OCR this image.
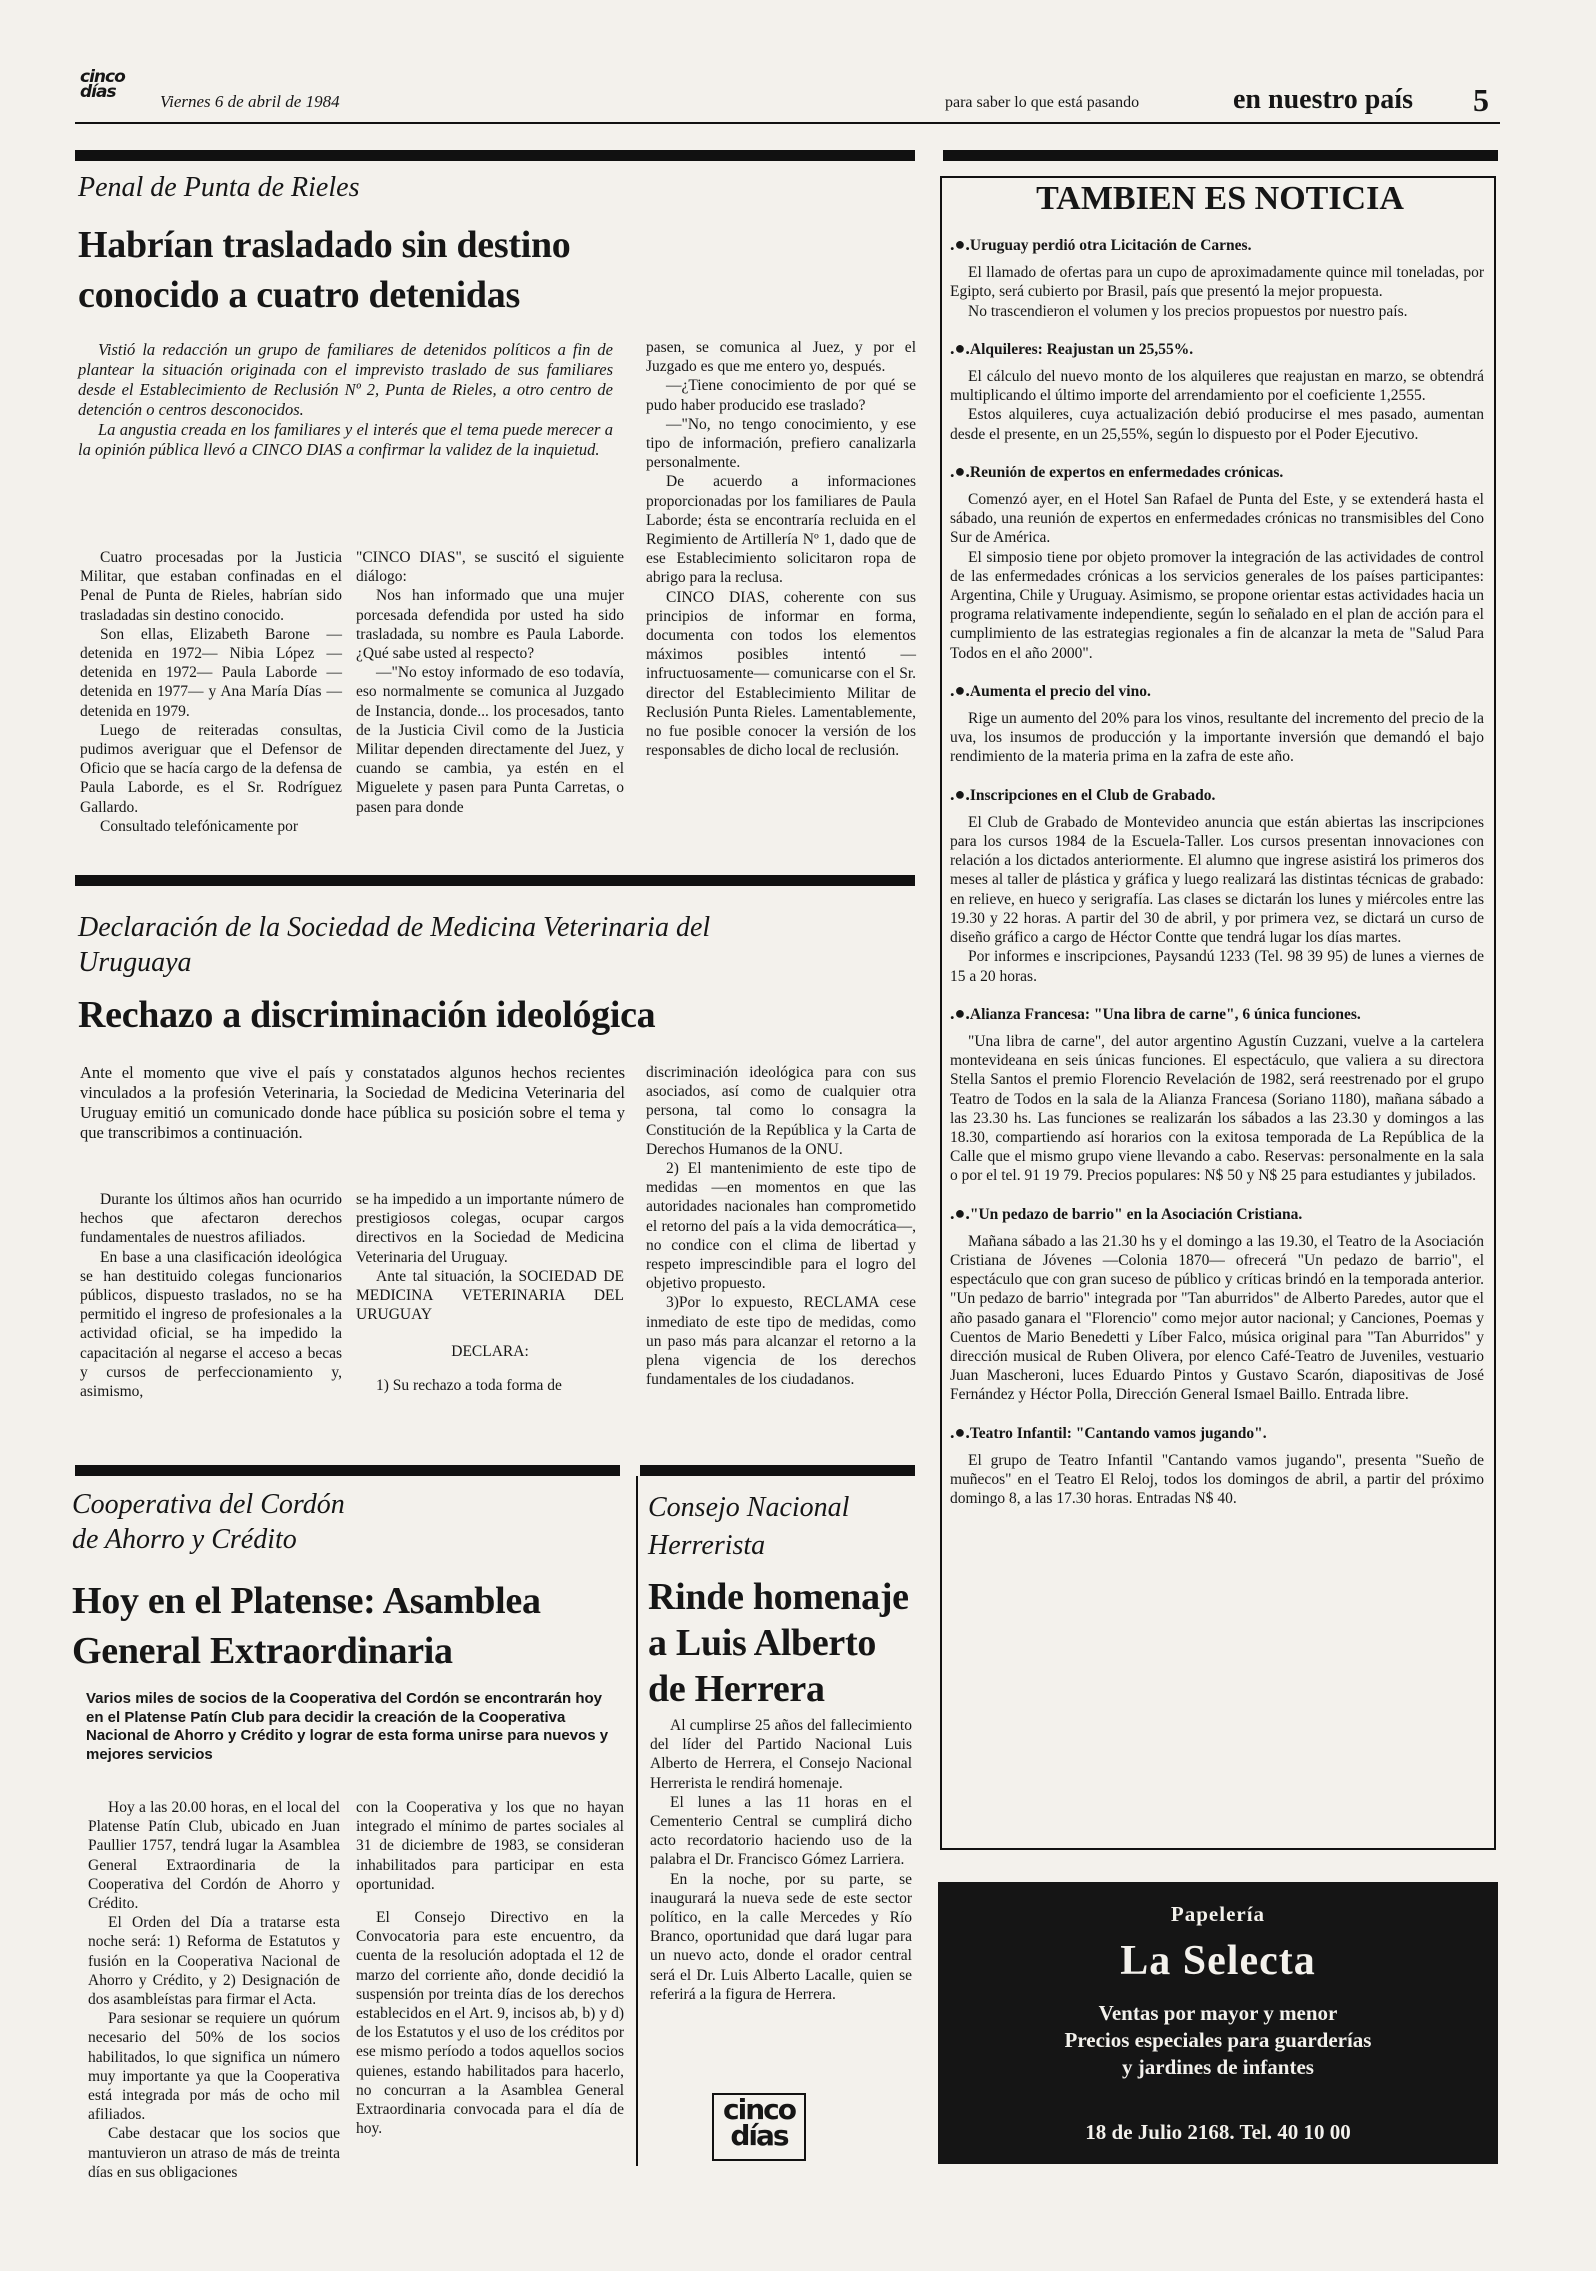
cinco días	Viernes 6 de abril de 1984	para saber lo que está pasando	en nuestro país 5
Penal de Punta de Rieles
Habrían trasladado sin destino
conocido a cuatro detenidas

Vistió la redacción un grupo de familiares de detenidos políticos a fin de plantear la situación originada con el imprevisto traslado de sus familiares desde el Establecimiento de Reclusión Nº 2, Punta de Rieles, a otro centro de detención o centros desconocidos.

La angustia creada en los familiares y el interés que el tema puede merecer a la opinión pública llevó a CINCO DIAS a confirmar la validez de la inquietud.

Cuatro procesadas por la Justicia Militar, que estaban confinadas en el Penal de Punta de Rieles, habrían sido trasladadas sin destino conocido.

Son ellas, Elizabeth Barone —detenida en 1972— Nibia López —detenida en 1972— Paula Laborde —detenida en 1977— y Ana María Días —detenida en 1979.

Luego de reiteradas consultas, pudimos averiguar que el Defensor de Oficio que se hacía cargo de la defensa de Paula Laborde, es el Sr. Rodríguez Gallardo.

Consultado telefónicamente por

"CINCO DIAS", se suscitó el siguiente diálogo:

Nos han informado que una mujer porcesada defendida por usted ha sido trasladada, su nombre es Paula Laborde. ¿Qué sabe usted al respecto?

—"No estoy informado de eso todavía, eso normalmente se comunica al Juzgado de Instancia, donde... los procesados, tanto de la Justicia Civil como de la Justicia Militar dependen directamente del Juez, y cuando se cambia, ya estén en el Miguelete y pasen para Punta Carretas, o pasen para donde

pasen, se comunica al Juez, y por el Juzgado es que me entero yo, después.

—¿Tiene conocimiento de por qué se pudo haber producido ese traslado?

—"No, no tengo conocimiento, y ese tipo de información, prefiero canalizarla personalmente.

De acuerdo a informaciones proporcionadas por los familiares de Paula Laborde; ésta se encontraría recluida en el Regimiento de Artillería Nº 1, dado que de ese Establecimiento solicitaron ropa de abrigo para la reclusa.

CINCO DIAS, coherente con sus principios de informar en forma, documenta con todos los elementos máximos posibles intentó —infructuosamente— comunicarse con el Sr. director del Establecimiento Militar de Reclusión Punta Rieles. Lamentablemente, no fue posible conocer la versión de los responsables de dicho local de reclusión.

Declaración de la Sociedad de Medicina Veterinaria del Uruguaya
Rechazo a discriminación ideológica

Ante el momento que vive el país y constatados algunos hechos recientes vinculados a la profesión Veterinaria, la Sociedad de Medicina Veterinaria del Uruguay emitió un comunicado donde hace pública su posición sobre el tema y que transcribimos a continuación.

Durante los últimos años han ocurrido hechos que afectaron derechos fundamentales de nuestros afiliados.

En base a una clasificación ideológica se han destituido colegas funcionarios públicos, dispuesto traslados, no se ha permitido el ingreso de profesionales a la actividad oficial, se ha impedido la capacitación al negarse el acceso a becas y cursos de perfeccionamiento y, asimismo,

se ha impedido a un importante número de prestigiosos colegas, ocupar cargos directivos en la Sociedad de Medicina Veterinaria del Uruguay.

Ante tal situación, la SOCIEDAD DE MEDICINA VETERINARIA DEL URUGUAY

DECLARA:

1) Su rechazo a toda forma de

discriminación ideológica para con sus asociados, así como de cualquier otra persona, tal como lo consagra la Constitución de la República y la Carta de Derechos Humanos de la ONU.

2) El mantenimiento de este tipo de medidas —en momentos en que las autoridades nacionales han comprometido el retorno del país a la vida democrática—, no condice con el clima de libertad y respeto imprescindible para el logro del objetivo propuesto.

3)Por lo expuesto, RECLAMA cese inmediato de este tipo de medidas, como un paso más para alcanzar el retorno a la plena vigencia de los derechos fundamentales de los ciudadanos.

Cooperativa del Cordón
de Ahorro y Crédito
Hoy en el Platense: Asamblea
General Extraordinaria
Varios miles de socios de la Cooperativa del Cordón se encontrarán hoy en el Platense Patín Club para decidir la creación de la Cooperativa Nacional de Ahorro y Crédito y lograr de esta forma unirse para nuevos y mejores servicios

Hoy a las 20.00 horas, en el local del Platense Patín Club, ubicado en Juan Paullier 1757, tendrá lugar la Asamblea General Extraordinaria de la Cooperativa del Cordón de Ahorro y Crédito.

El Orden del Día a tratarse esta noche será: 1) Reforma de Estatutos y fusión en la Cooperativa Nacional de Ahorro y Crédito, y 2) Designación de dos asambleístas para firmar el Acta.

Para sesionar se requiere un quórum necesario del 50% de los socios habilitados, lo que significa un número muy importante ya que la Cooperativa está integrada por más de ocho mil afiliados.

Cabe destacar que los socios que mantuvieron un atraso de más de treinta días en sus obligaciones

con la Cooperativa y los que no hayan integrado el mínimo de partes sociales al 31 de diciembre de 1983, se consideran inhabilitados para participar en esta oportunidad.

El Consejo Directivo en la Convocatoria para este encuentro, da cuenta de la resolución adoptada el 12 de marzo del corriente año, donde decidió la suspensión por treinta días de los derechos establecidos en el Art. 9, incisos ab, b) y d) de los Estatutos y el uso de los créditos por ese mismo período a todos aquellos socios quienes, estando habilitados para hacerlo, no concurran a la Asamblea General Extraordinaria convocada para el día de hoy.

Consejo Nacional
Herrerista
Rinde homenaje
a Luis Alberto
de Herrera

Al cumplirse 25 años del fallecimiento del líder del Partido Nacional Luis Alberto de Herrera, el Consejo Nacional Herrerista le rendirá homenaje.

El lunes a las 11 horas en el Cementerio Central se cumplirá dicho acto recordatorio haciendo uso de la palabra el Dr. Francisco Gómez Larriera.

En la noche, por su parte, se inaugurará la nueva sede de este sector político, en la calle Mercedes y Río Branco, oportunidad que dará lugar para un nuevo acto, donde el orador central será el Dr. Luis Alberto Lacalle, quien se referirá a la figura de Herrera.

cinco días
TAMBIEN ES NOTICIA
.●.Uruguay perdió otra Licitación de Carnes.

El llamado de ofertas para un cupo de aproximadamente quince mil toneladas, por Egipto, será cubierto por Brasil, país que presentó la mejor propuesta.

No trascendieron el volumen y los precios propuestos por nuestro país.

.●.Alquileres: Reajustan un 25,55%.

El cálculo del nuevo monto de los alquileres que reajustan en marzo, se obtendrá multiplicando el último importe del arrendamiento por el coeficiente 1,2555.

Estos alquileres, cuya actualización debió producirse el mes pasado, aumentan desde el presente, en un 25,55%, según lo dispuesto por el Poder Ejecutivo.

.●.Reunión de expertos en enfermedades crónicas.

Comenzó ayer, en el Hotel San Rafael de Punta del Este, y se extenderá hasta el sábado, una reunión de expertos en enfermedades crónicas no transmisibles del Cono Sur de América.

El simposio tiene por objeto promover la integración de las actividades de control de las enfermedades crónicas a los servicios generales de los países participantes: Argentina, Chile y Uruguay. Asimismo, se propone orientar estas actividades hacia un programa relativamente independiente, según lo señalado en el plan de acción para el cumplimiento de las estrategias regionales a fin de alcanzar la meta de "Salud Para Todos en el año 2000".

.●.Aumenta el precio del vino.

Rige un aumento del 20% para los vinos, resultante del incremento del precio de la uva, los insumos de producción y la importante inversión que demandó el bajo rendimiento de la materia prima en la zafra de este año.

.●.Inscripciones en el Club de Grabado.

El Club de Grabado de Montevideo anuncia que están abiertas las inscripciones para los cursos 1984 de la Escuela-Taller. Los cursos presentan innovaciones con relación a los dictados anteriormente. El alumno que ingrese asistirá los primeros dos meses al taller de plástica y gráfica y luego realizará las distintas técnicas de grabado: en relieve, en hueco y serigrafía. Las clases se dictarán los lunes y miércoles entre las 19.30 y 22 horas. A partir del 30 de abril, y por primera vez, se dictará un curso de diseño gráfico a cargo de Héctor Contte que tendrá lugar los días martes.

Por informes e inscripciones, Paysandú 1233 (Tel. 98 39 95) de lunes a viernes de 15 a 20 horas.

.●.Alianza Francesa: "Una libra de carne", 6 única funciones.

"Una libra de carne", del autor argentino Agustín Cuzzani, vuelve a la cartelera montevideana en seis únicas funciones. El espectáculo, que valiera a su directora Stella Santos el premio Florencio Revelación de 1982, será reestrenado por el grupo Teatro de Todos en la sala de la Alianza Francesa (Soriano 1180), mañana sábado a las 23.30 hs. Las funciones se realizarán los sábados a las 23.30 y domingos a las 18.30, compartiendo así horarios con la exitosa temporada de La República de la Calle que el mismo grupo viene llevando a cabo. Reservas: personalmente en la sala o por el tel. 91 19 79. Precios populares: N$ 50 y N$ 25 para estudiantes y jubilados.

.●."Un pedazo de barrio" en la Asociación Cristiana.

Mañana sábado a las 21.30 hs y el domingo a las 19.30, el Teatro de la Asociación Cristiana de Jóvenes —Colonia 1870— ofrecerá "Un pedazo de barrio", el espectáculo que con gran suceso de público y críticas brindó en la temporada anterior. "Un pedazo de barrio" integrada por "Tan aburridos" de Alberto Paredes, autor que el año pasado ganara el "Florencio" como mejor autor nacional; y Canciones, Poemas y Cuentos de Mario Benedetti y Líber Falco, música original para "Tan Aburridos" y dirección musical de Ruben Olivera, por elenco Café-Teatro de Juveniles, vestuario Juan Mascheroni, luces Eduardo Pintos y Gustavo Scarón, diapositivas de José Fernández y Héctor Polla, Dirección General Ismael Baillo. Entrada libre.

.●.Teatro Infantil: "Cantando vamos jugando".

El grupo de Teatro Infantil "Cantando vamos jugando", presenta "Sueño de muñecos" en el Teatro El Reloj, todos los domingos de abril, a partir del próximo domingo 8, a las 17.30 horas. Entradas N$ 40.

Papelería
La Selecta
Ventas por mayor y menor
Precios especiales para guarderías
y jardines de infantes
18 de Julio 2168. Tel. 40 10 00
